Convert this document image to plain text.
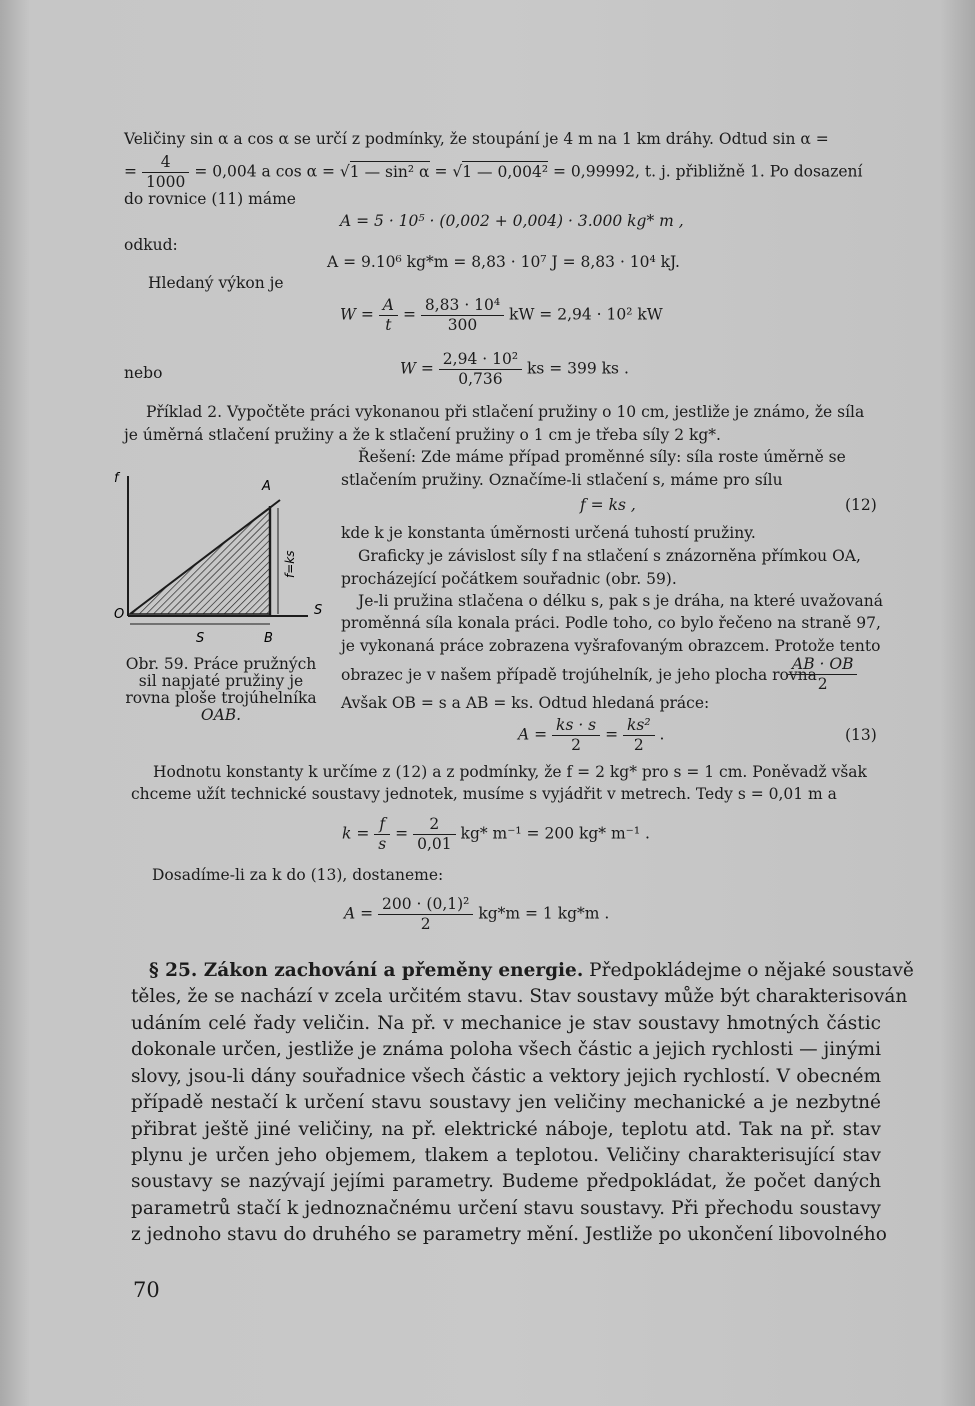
Veličiny sin α a cos α se určí z podmínky, že stoupání je 4 m na 1 km dráhy. Odtud sin α =
= $\frac{4}{1000} = 0,004$ a cos α = √1 — sin² α = √1 — 0,004² = 0,99992, t. j. přibližně 1. Po dosazení
do rovnice (11) máme
A = 5 · 10⁵ · (0,002 + 0,004) · 3.000 kg* m ,
odkud:
A = 9.10⁶ kg*m = 8,83 · 10⁷ J = 8,83 · 10⁴ kJ.
Hledaný výkon je
$W = \frac{A}{t} = \frac{\text{8,83 · 10⁴}}{300}$ kW = 2,94 · 10² kW
nebo	$W = \frac{\text{2,94 · 10²}}{0,736}$ ks = 399 ks .
Příklad 2. Vypočtěte práci vykonanou při stlačení pružiny o 10 cm, jestliže je známo, že síla
je úměrná stlačení pružiny a že k stlačení pružiny o 1 cm je třeba síly 2 kg*.
Řešení: Zde máme případ proměnné síly: síla roste úměrně se
stlačením pružiny. Označíme-li stlačení s, máme pro sílu
f = ks ,	(12)
kde k je konstanta úměrnosti určená tuhostí pružiny.
Graficky je závislost síly f na stlačení s znázorněna přímkou OA,
procházející počátkem souřadnic (obr. 59).
Je-li pružina stlačena o délku s, pak s je dráha, na které uvažovaná
proměnná síla konala práci. Podle toho, co bylo řečeno na straně 97,
je vykonaná práce zobrazena vyšrafovaným obrazcem. Protože tento
obrazec je v našem případě trojúhelník, je jeho plocha rovna
$\frac{AB \cdot OB}{2}$
Avšak OB = s a AB = ks. Odtud hledaná práce:
$A = \frac{ks \cdot s}{2} = \frac{\text{ks²}}{2}$ .	(13)
f
A
O	S
S	B
f=ks
Obr. 59. Práce pružných
sil napjaté pružiny je
rovna ploše trojúhelníka
OAB.
Hodnotu konstanty k určíme z (12) a z podmínky, že f = 2 kg* pro s = 1 cm. Poněvadž však
chceme užít technické soustavy jednotek, musíme s vyjádřit v metrech. Tedy s = 0,01 m a
$k = \frac{f}{s} = \frac{2}{0,01} kg*$ m⁻¹ = 200 kg* m⁻¹ .
Dosadíme-li za k do (13), dostaneme:
$A = \frac{\text{200 · (0,1)²}}{2} kg*m = 1$ kg*m .
§ 25. Zákon zachování a přeměny energie. Předpokládejme o nějaké soustavě
těles, že se nachází v zcela určitém stavu. Stav soustavy může být charakterisován
udáním celé řady veličin. Na př. v mechanice je stav soustavy hmotných částic
dokonale určen, jestliže je známa poloha všech částic a jejich rychlosti — jinými
slovy, jsou-li dány souřadnice všech částic a vektory jejich rychlostí. V obecném
případě nestačí k určení stavu soustavy jen veličiny mechanické a je nezbytné
přibrat ještě jiné veličiny, na př. elektrické náboje, teplotu atd. Tak na př. stav
plynu je určen jeho objemem, tlakem a teplotou. Veličiny charakterisující stav
soustavy se nazývají jejími parametry. Budeme předpokládat, že počet daných
parametrů stačí k jednoznačnému určení stavu soustavy. Při přechodu soustavy
z jednoho stavu do druhého se parametry mění. Jestliže po ukončení libovolného
70
